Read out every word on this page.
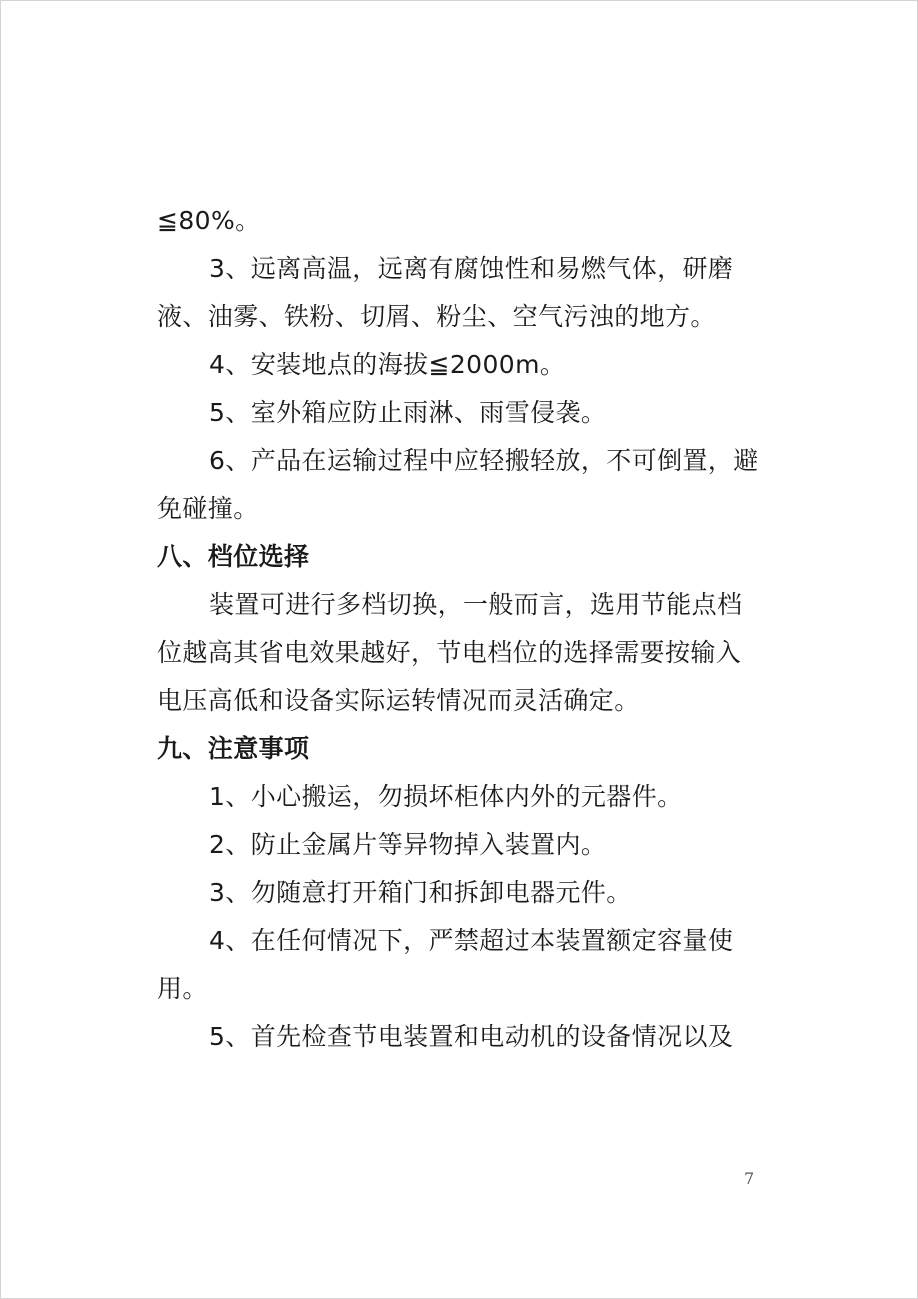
≦80%。
3、远离高温，远离有腐蚀性和易燃气体，研磨
液、油雾、铁粉、切屑、粉尘、空气污浊的地方。
4、安装地点的海拔≦2000m。
5、室外箱应防止雨淋、雨雪侵袭。
6、产品在运输过程中应轻搬轻放，不可倒置，避
免碰撞。
八、档位选择
装置可进行多档切换，一般而言，选用节能点档
位越高其省电效果越好，节电档位的选择需要按输入
电压高低和设备实际运转情况而灵活确定。
九、注意事项
1、小心搬运，勿损坏柜体内外的元器件。
2、防止金属片等异物掉入装置内。
3、勿随意打开箱门和拆卸电器元件。
4、在任何情况下，严禁超过本装置额定容量使
用。
5、首先检查节电装置和电动机的设备情况以及
7
